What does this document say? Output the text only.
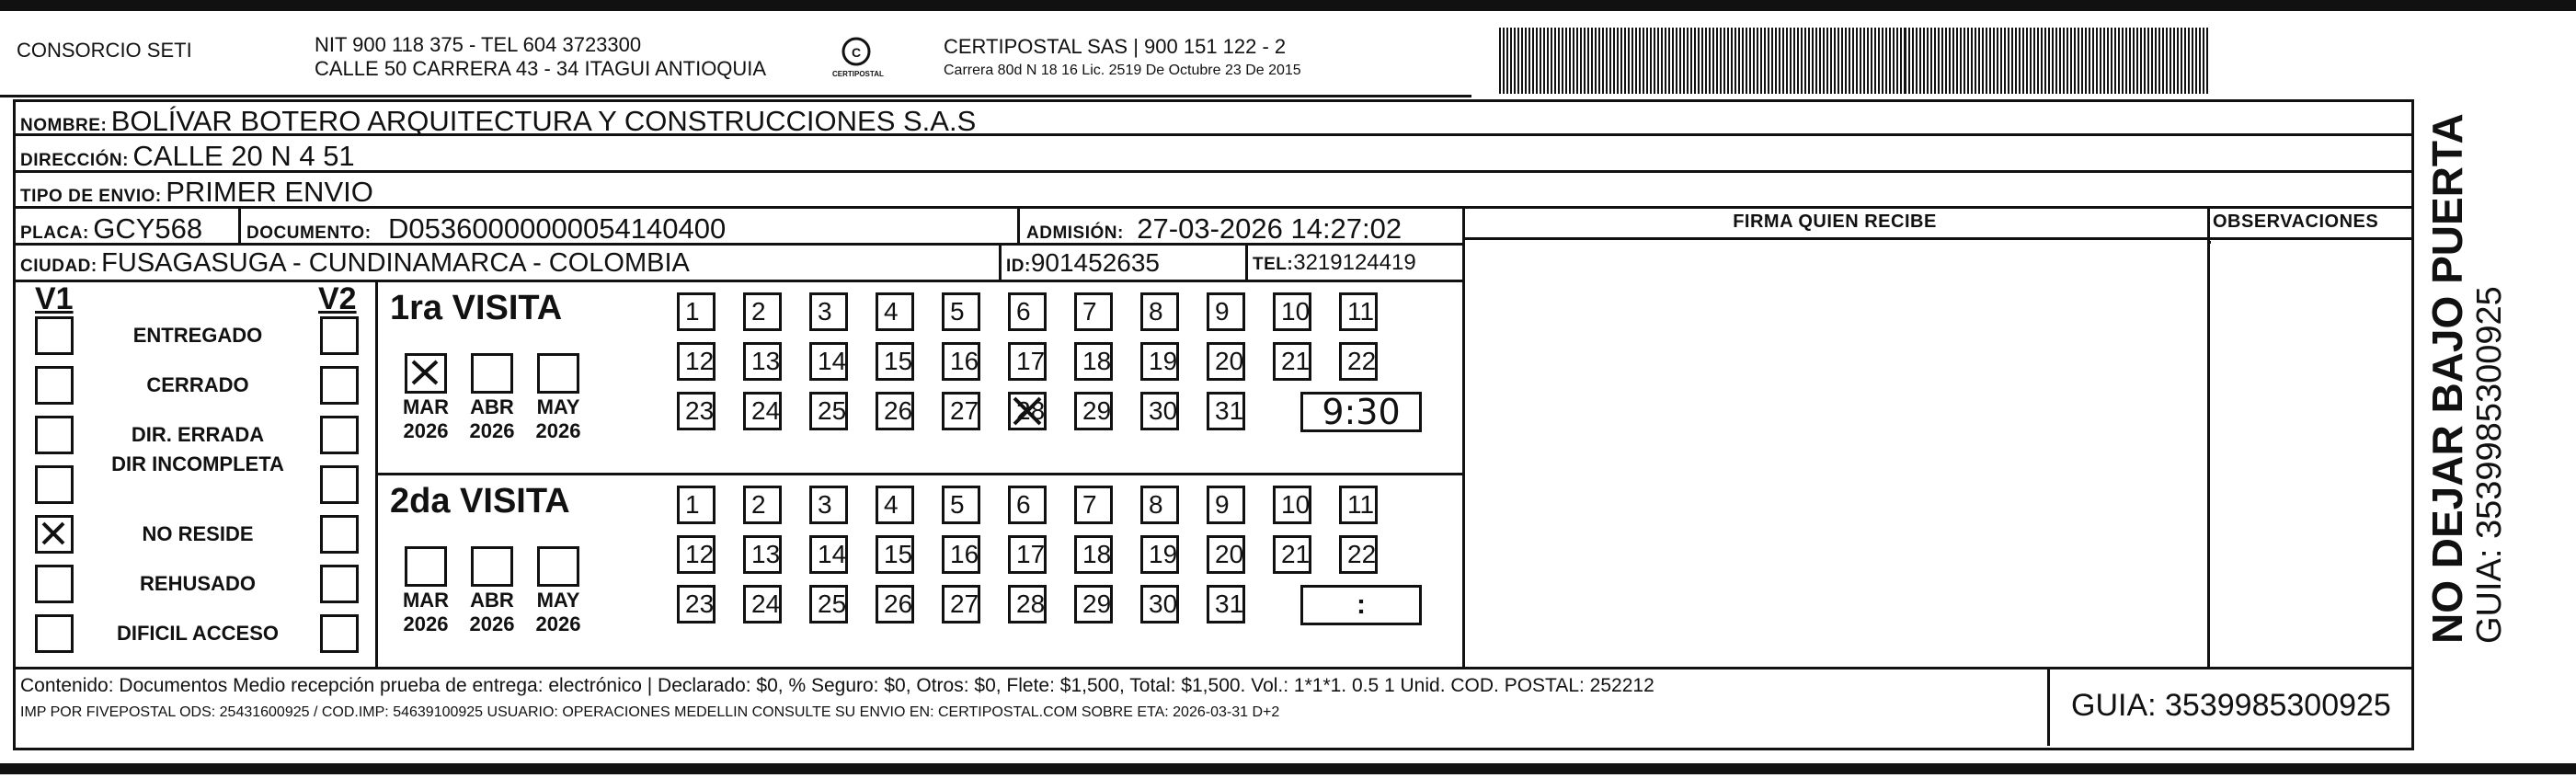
CONSORCIO SETI	NIT 900 118 375 - TEL 604 3723300
CALLE 50 CARRERA 43 - 34 ITAGUI ANTIOQUIA
C
CERTIPOSTAL
CERTIPOSTAL SAS | 900 151 122 - 2
Carrera 80d N 18 16 Lic. 2519 De Octubre 23 De 2015
NOMBRE: BOLÍVAR BOTERO ARQUITECTURA Y CONSTRUCCIONES S.A.S
DIRECCIÓN: CALLE 20 N 4 51
TIPO DE ENVIO: PRIMER ENVIO
PLACA: GCY568	DOCUMENTO: D05360000000054140400	ADMISIÓN: 27-03-2026 14:27:02
CIUDAD: FUSAGASUGA - CUNDINAMARCA - COLOMBIA	ID:901452635	TEL:3219124419
FIRMA QUIEN RECIBE	OBSERVACIONES
V1	V2
ENTREGADO
CERRADO
DIR. ERRADA
DIR INCOMPLETA
NO RESIDE
REHUSADO
DIFICIL ACCESO
1ra VISITA
MAR
2026
ABR
2026
MAY
2026
1	2	3	4	5	6	7	8	9	10	11
12	13	14	15	16	17	18	19	20	21	22
23	24	25	26	27	28	29	30	31	9:30
2da VISITA
MAR
2026
ABR
2026
MAY
2026
1	2	3	4	5	6	7	8	9	10	11
12	13	14	15	16	17	18	19	20	21	22
23	24	25	26	27	28	29	30	31	:
Contenido: Documentos Medio recepción prueba de entrega: electrónico | Declarado: $0, % Seguro: $0, Otros: $0, Flete: $1,500, Total: $1,500. Vol.: 1*1*1. 0.5 1 Unid. COD. POSTAL: 252212
IMP POR FIVEPOSTAL ODS: 25431600925 / COD.IMP: 54639100925 USUARIO: OPERACIONES MEDELLIN CONSULTE SU ENVIO EN: CERTIPOSTAL.COM SOBRE ETA: 2026-03-31 D+2	GUIA: 3539985300925
NO DEJAR BAJO PUERTA GUIA: 3539985300925
